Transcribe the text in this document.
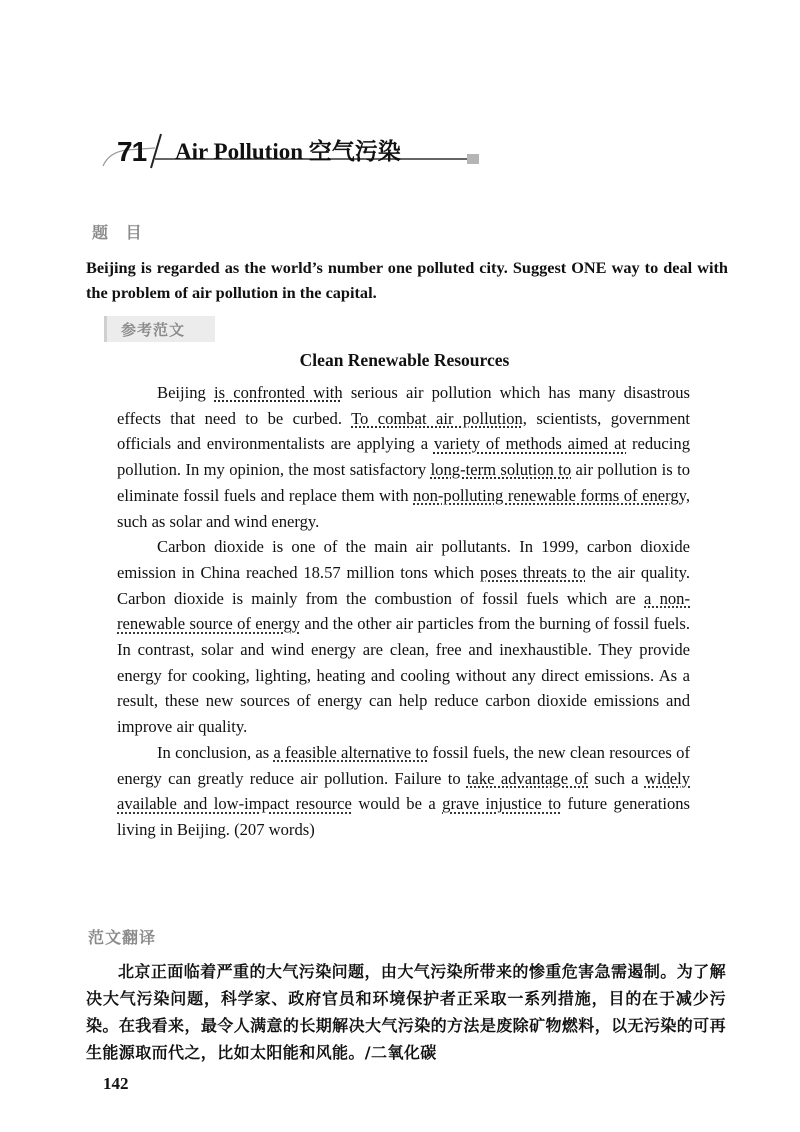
71 Air Pollution 空气污染
题 目
Beijing is regarded as the world’s number one polluted city. Suggest ONE way to deal with the problem of air pollution in the capital.
参考范文
Clean Renewable Resources

Beijing is confronted with serious air pollution which has many disastrous effects that need to be curbed. To combat air pollution, scientists, government officials and environmentalists are applying a variety of methods aimed at reducing pollution. In my opinion, the most satisfactory long-term solution to air pollution is to eliminate fossil fuels and replace them with non-polluting renewable forms of energy, such as solar and wind energy.

Carbon dioxide is one of the main air pollutants. In 1999, carbon dioxide emission in China reached 18.57 million tons which poses threats to the air quality. Carbon dioxide is mainly from the combustion of fossil fuels which are a non-renewable source of energy and the other air particles from the burning of fossil fuels. In contrast, solar and wind energy are clean, free and inexhaustible. They provide energy for cooking, lighting, heating and cooling without any direct emissions. As a result, these new sources of energy can help reduce carbon dioxide emissions and improve air quality.

In conclusion, as a feasible alternative to fossil fuels, the new clean resources of energy can greatly reduce air pollution. Failure to take advantage of such a widely available and low-impact resource would be a grave injustice to future generations living in Beijing. (207 words)

范文翻译

北京正面临着严重的大气污染问题，由大气污染所带来的惨重危害急需遏制。为了解决大气污染问题，科学家、政府官员和环境保护者正采取一系列措施，目的在于减少污染。在我看来，最令人满意的长期解决大气污染的方法是废除矿物燃料，以无污染的可再生能源取而代之，比如太阳能和风能。/二氧化碳

142
